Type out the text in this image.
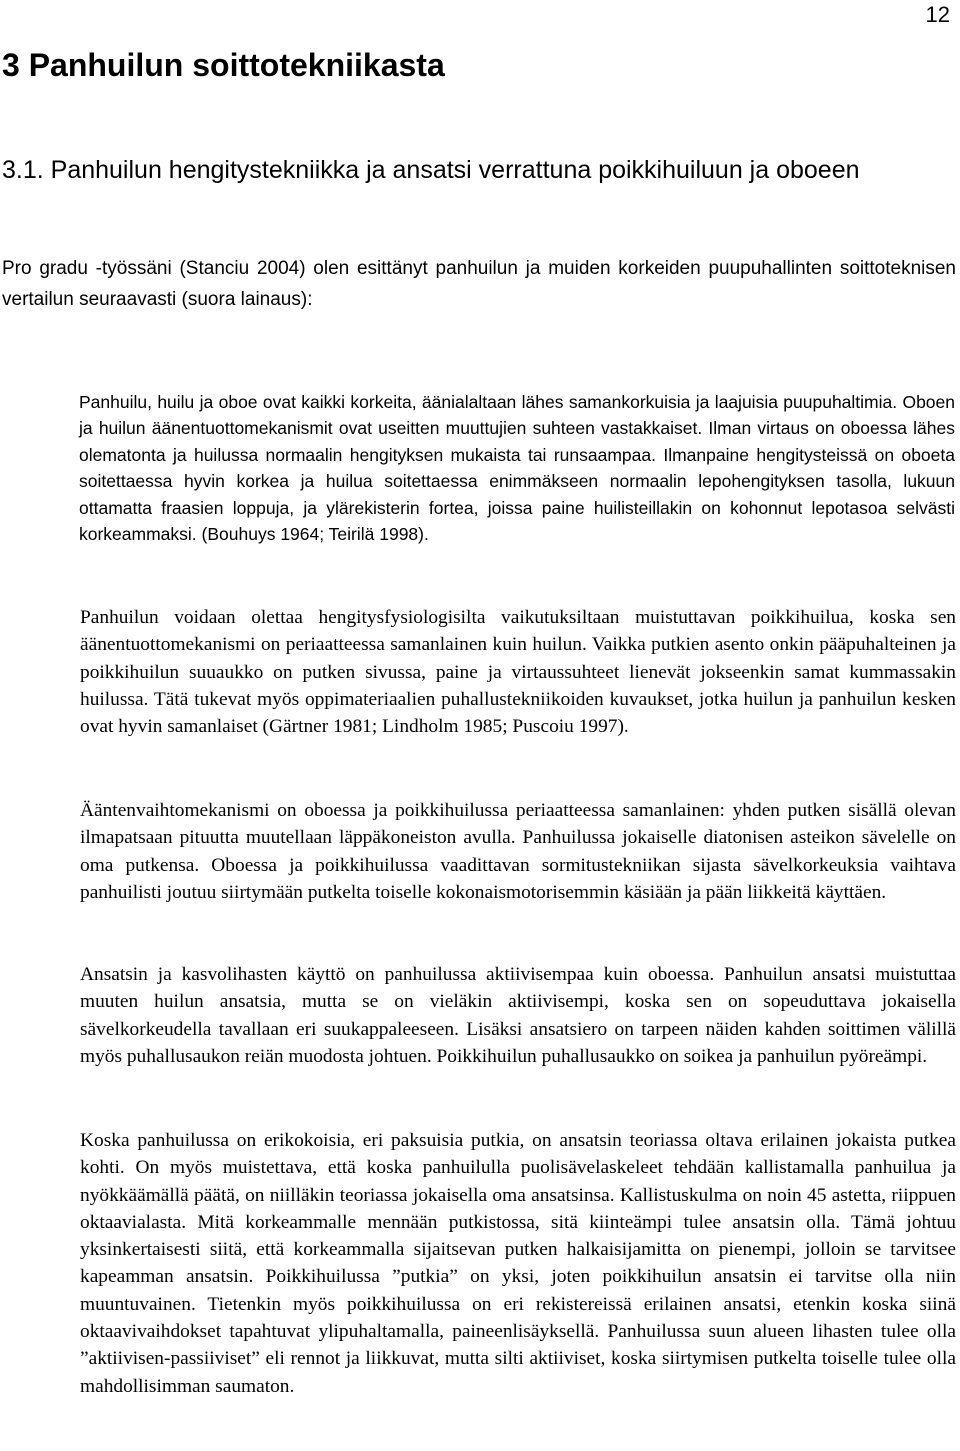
12
3 Panhuilun soittotekniikasta
3.1. Panhuilun hengitystekniikka ja ansatsi verrattuna poikkihuiluun ja oboeen

Pro gradu -työssäni (Stanciu 2004) olen esittänyt panhuilun ja muiden korkeiden puupuhallinten soittoteknisen vertailun seuraavasti (suora lainaus):

Panhuilu, huilu ja oboe ovat kaikki korkeita, äänialaltaan lähes samankorkuisia ja laajuisia puupuhaltimia. Oboen ja huilun äänentuottomekanismit ovat useitten muuttujien suhteen vastakkaiset. Ilman virtaus on oboessa lähes olematonta ja huilussa normaalin hengityksen mukaista tai runsaampaa. Ilmanpaine hengitysteissä on oboeta soitettaessa hyvin korkea ja huilua soitettaessa enimmäkseen normaalin lepohengityksen tasolla, lukuun ottamatta fraasien loppuja, ja ylärekisterin fortea, joissa paine huilisteillakin on kohonnut lepotasoa selvästi korkeammaksi. (Bouhuys 1964; Teirilä 1998).

Panhuilun voidaan olettaa hengitysfysiologisilta vaikutuksiltaan muistuttavan poikkihuilua, koska sen äänentuottomekanismi on periaatteessa samanlainen kuin huilun. Vaikka putkien asento onkin pääpuhalteinen ja poikkihuilun suuaukko on putken sivussa, paine ja virtaussuhteet lienevät jokseenkin samat kummassakin huilussa. Tätä tukevat myös oppimateriaalien puhallustekniikoiden kuvaukset, jotka huilun ja panhuilun kesken ovat hyvin samanlaiset (Gärtner 1981; Lindholm 1985; Puscoiu 1997).

Ääntenvaihtomekanismi on oboessa ja poikkihuilussa periaatteessa samanlainen: yhden putken sisällä olevan ilmapatsaan pituutta muutellaan läppäkoneiston avulla. Panhuilussa jokaiselle diatonisen asteikon sävelelle on oma putkensa. Oboessa ja poikkihuilussa vaadittavan sormitustekniikan sijasta sävelkorkeuksia vaihtava panhuilisti joutuu siirtymään putkelta toiselle kokonaismotorisemmin käsiään ja pään liikkeitä käyttäen.

Ansatsin ja kasvolihasten käyttö on panhuilussa aktiivisempaa kuin oboessa. Panhuilun ansatsi muistuttaa muuten huilun ansatsia, mutta se on vieläkin aktiivisempi, koska sen on sopeuduttava jokaisella sävelkorkeudella tavallaan eri suukappaleeseen. Lisäksi ansatsiero on tarpeen näiden kahden soittimen välillä myös puhallusaukon reiän muodosta johtuen. Poikkihuilun puhallusaukko on soikea ja panhuilun pyöreämpi.

Koska panhuilussa on erikokoisia, eri paksuisia putkia, on ansatsin teoriassa oltava erilainen jokaista putkea kohti. On myös muistettava, että koska panhuilulla puolisävelaskeleet tehdään kallistamalla panhuilua ja nyökkäämällä päätä, on niilläkin teoriassa jokaisella oma ansatsinsa. Kallistuskulma on noin 45 astetta, riippuen oktaavialasta. Mitä korkeammalle mennään putkistossa, sitä kiinteämpi tulee ansatsin olla. Tämä johtuu yksinkertaisesti siitä, että korkeammalla sijaitsevan putken halkaisijamitta on pienempi, jolloin se tarvitsee kapeamman ansatsin. Poikkihuilussa ”putkia” on yksi, joten poikkihuilun ansatsin ei tarvitse olla niin muuntuvainen. Tietenkin myös poikkihuilussa on eri rekistereissä erilainen ansatsi, etenkin koska siinä oktaavivaihdokset tapahtuvat ylipuhaltamalla, paineenlisäyksellä. Panhuilussa suun alueen lihasten tulee olla ”aktiivisen-passiiviset” eli rennot ja liikkuvat, mutta silti aktiiviset, koska siirtymisen putkelta toiselle tulee olla mahdollisimman saumaton.
